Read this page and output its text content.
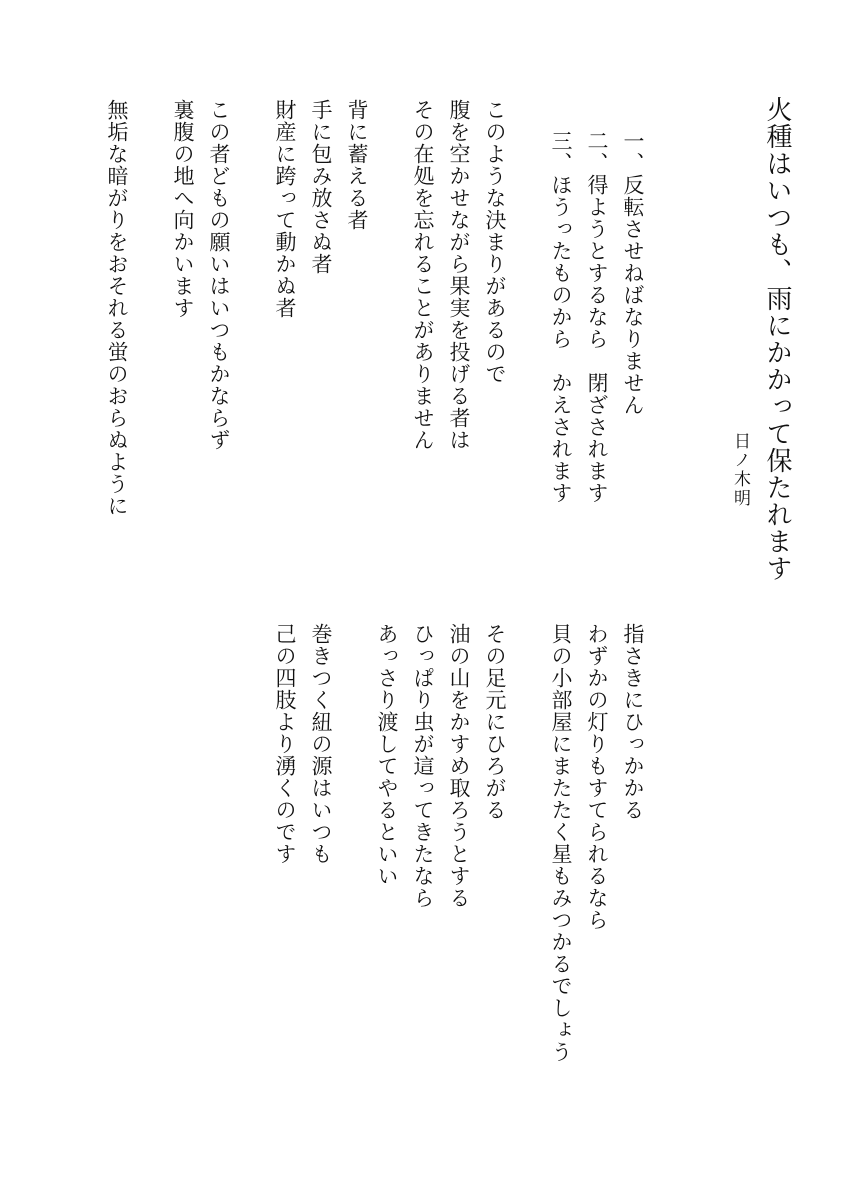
火種はいつも、雨にかかって保たれます
日ノ木明
一、反転させねばなりません
二、得ようとするなら　閉ざされます
三、ほうったものから　かえされます
このような決まりがあるので
腹を空かせながら果実を投げる者は
その在処を忘れることがありません
背に蓄える者
手に包み放さぬ者
財産に跨って動かぬ者
この者どもの願いはいつもかならず
裏腹の地へ向かいます
無垢な暗がりをおそれる蛍のおらぬように
指さきにひっかかる
わずかの灯りもすてられるなら
貝の小部屋にまたたく星もみつかるでしょう
その足元にひろがる
油の山をかすめ取ろうとする
ひっぱり虫が這ってきたなら
あっさり渡してやるといい
巻きつく紐の源はいつも
己の四肢より湧くのです
